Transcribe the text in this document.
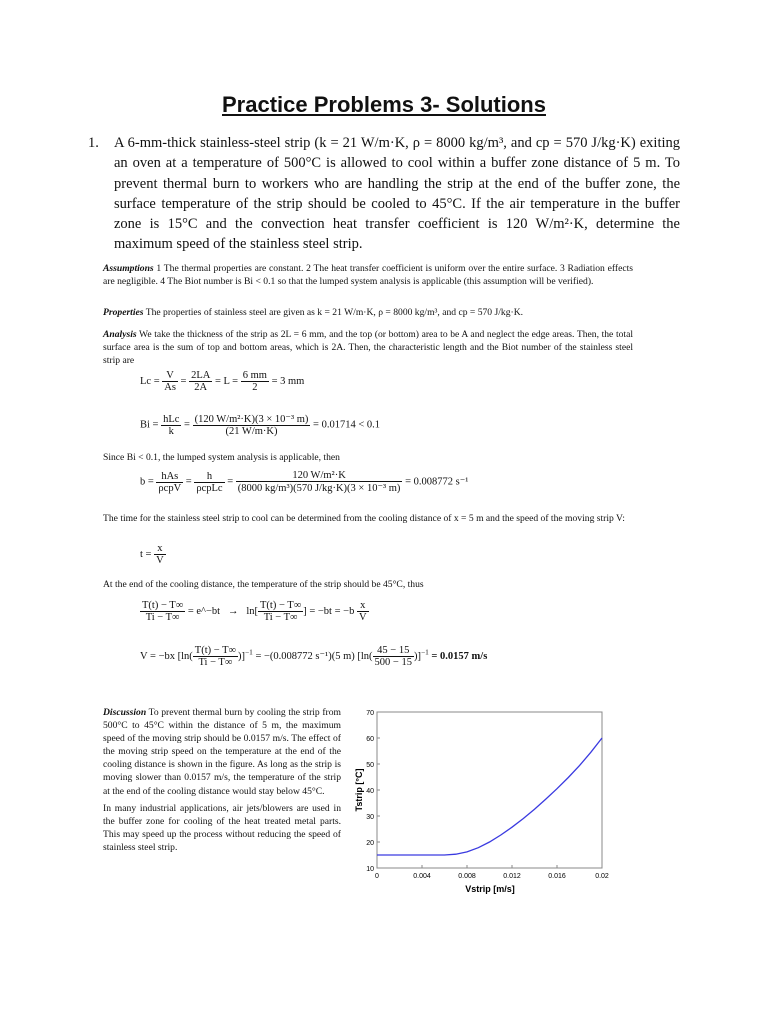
Practice Problems 3- Solutions
1. A 6-mm-thick stainless-steel strip (k = 21 W/m·K, ρ = 8000 kg/m³, and cp = 570 J/kg·K) exiting an oven at a temperature of 500°C is allowed to cool within a buffer zone distance of 5 m. To prevent thermal burn to workers who are handling the strip at the end of the buffer zone, the surface temperature of the strip should be cooled to 45°C. If the air temperature in the buffer zone is 15°C and the convection heat transfer coefficient is 120 W/m²·K, determine the maximum speed of the stainless steel strip.
Assumptions 1 The thermal properties are constant. 2 The heat transfer coefficient is uniform over the entire surface. 3 Radiation effects are negligible. 4 The Biot number is Bi < 0.1 so that the lumped system analysis is applicable (this assumption will be verified).
Properties The properties of stainless steel are given as k = 21 W/m·K, ρ = 8000 kg/m³, and cp = 570 J/kg·K.
Analysis We take the thickness of the strip as 2L = 6 mm, and the top (or bottom) area to be A and neglect the edge areas. Then, the total surface area is the sum of top and bottom areas, which is 2A. Then, the characteristic length and the Biot number of the stainless steel strip are
$Lc = \frac{V}{As} = \frac{2LA}{2A} = L = \frac{6 mm}{2} = 3$ mm
$Bi = \frac{\text{hLc}}{k} = \frac{\text{(120 W/m²·K)(3 × 10⁻³ m)}}{(21 W/m\cdot K)} = 0.01714 < 0.1$
Since Bi < 0.1, the lumped system analysis is applicable, then
$b = \frac{\text{hAs}}{\text{ρcpV}} = \frac{h}{\text{ρcpLc}} = \frac{\text{120 W/m²·K}}{\text{(8000 kg/m³)(570 J/kg·K)(3 × 10⁻³ m)}} = 0.008772$ s⁻¹
The time for the stainless steel strip to cool can be determined from the cooling distance of x = 5 m and the speed of the moving strip V:
$t = \frac{x}{V}$
At the end of the cooling distance, the temperature of the strip should be 45°C, thus
$\frac{T(t) - T\infty}{Ti - T\infty}$ = e^−bt → $\ln[ \frac{T(t) - T\infty}{Ti - T\infty}$ ] = $-bt = -b \frac{x}{V}$
V = −bx $[\ln( \frac{T(t) - T\infty}{Ti - T\infty} )]^{-1} = -(0.008772$ s⁻¹)(5 m) $[\ln( \frac{45 - 15}{500 - 15} )]^{-1} = 0.0157$ m/s

Discussion To prevent thermal burn by cooling the strip from 500°C to 45°C within the distance of 5 m, the maximum speed of the moving strip should be 0.0157 m/s. The effect of the moving strip speed on the temperature at the end of the cooling distance is shown in the figure. As long as the strip is moving slower than 0.0157 m/s, the temperature of the strip at the end of the cooling distance would stay below 45°C.

In many industrial applications, air jets/blowers are used in the buffer zone for cooling of the heat treated metal parts. This may speed up the process without reducing the speed of stainless steel strip.

0	0.004	0.008	0.012	0.016	0.02
10
20
30
40
50
60
70
Vstrip [m/s]
Tstrip [°C]
